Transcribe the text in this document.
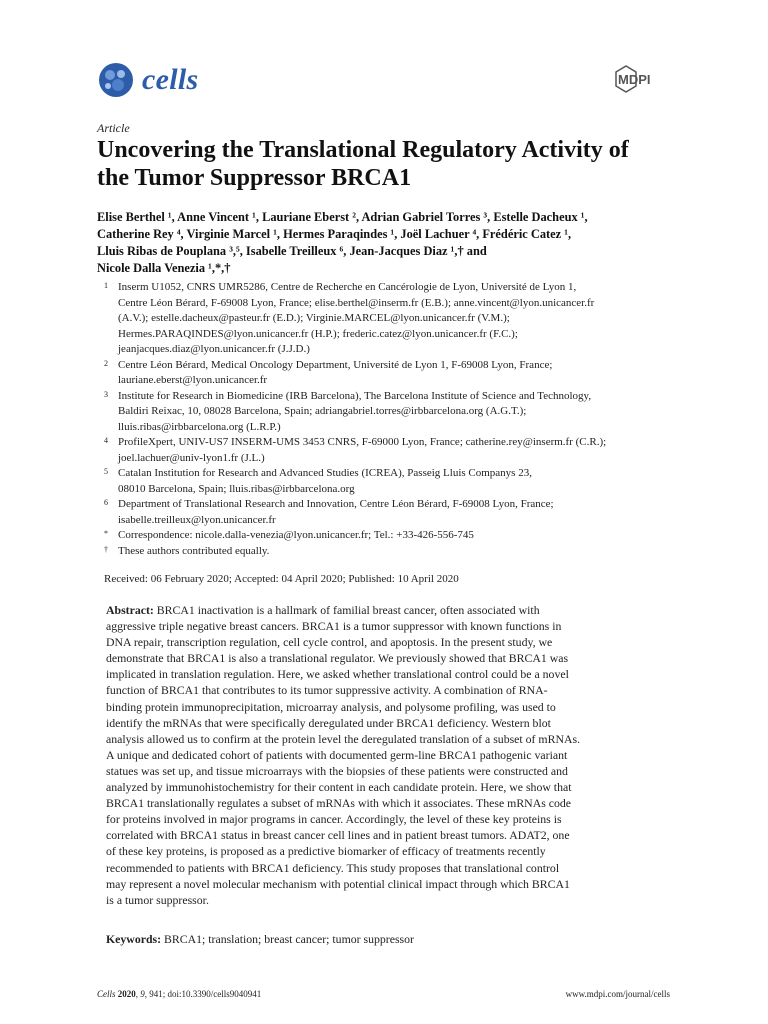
cells	MDPI
Article
Uncovering the Translational Regulatory Activity of
the Tumor Suppressor BRCA1
Elise Berthel ¹, Anne Vincent ¹, Lauriane Eberst ², Adrian Gabriel Torres ³, Estelle Dacheux ¹,
Catherine Rey ⁴, Virginie Marcel ¹, Hermes Paraqindes ¹, Joël Lachuer ⁴, Frédéric Catez ¹,
Lluis Ribas de Pouplana ³,⁵, Isabelle Treilleux ⁶, Jean-Jacques Diaz ¹,† and
Nicole Dalla Venezia ¹,*,†
1 Inserm U1052, CNRS UMR5286, Centre de Recherche en Cancérologie de Lyon, Université de Lyon 1,
Centre Léon Bérard, F-69008 Lyon, France; elise.berthel@inserm.fr (E.B.); anne.vincent@lyon.unicancer.fr
(A.V.); estelle.dacheux@pasteur.fr (E.D.); Virginie.MARCEL@lyon.unicancer.fr (V.M.);
Hermes.PARAQINDES@lyon.unicancer.fr (H.P.); frederic.catez@lyon.unicancer.fr (F.C.);
jeanjacques.diaz@lyon.unicancer.fr (J.J.D.)
2 Centre Léon Bérard, Medical Oncology Department, Université de Lyon 1, F-69008 Lyon, France;
lauriane.eberst@lyon.unicancer.fr
3 Institute for Research in Biomedicine (IRB Barcelona), The Barcelona Institute of Science and Technology,
Baldiri Reixac, 10, 08028 Barcelona, Spain; adriangabriel.torres@irbbarcelona.org (A.G.T.);
lluis.ribas@irbbarcelona.org (L.R.P.)
4 ProfileXpert, UNIV-US7 INSERM-UMS 3453 CNRS, F-69000 Lyon, France; catherine.rey@inserm.fr (C.R.);
joel.lachuer@univ-lyon1.fr (J.L.)
5 Catalan Institution for Research and Advanced Studies (ICREA), Passeig Lluis Companys 23,
08010 Barcelona, Spain; lluis.ribas@irbbarcelona.org
6 Department of Translational Research and Innovation, Centre Léon Bérard, F-69008 Lyon, France;
isabelle.treilleux@lyon.unicancer.fr
* Correspondence: nicole.dalla-venezia@lyon.unicancer.fr; Tel.: +33-426-556-745
† These authors contributed equally.
Received: 06 February 2020; Accepted: 04 April 2020; Published: 10 April 2020
Abstract: BRCA1 inactivation is a hallmark of familial breast cancer, often associated with
aggressive triple negative breast cancers. BRCA1 is a tumor suppressor with known functions in
DNA repair, transcription regulation, cell cycle control, and apoptosis. In the present study, we
demonstrate that BRCA1 is also a translational regulator. We previously showed that BRCA1 was
implicated in translation regulation. Here, we asked whether translational control could be a novel
function of BRCA1 that contributes to its tumor suppressive activity. A combination of RNA-
binding protein immunoprecipitation, microarray analysis, and polysome profiling, was used to
identify the mRNAs that were specifically deregulated under BRCA1 deficiency. Western blot
analysis allowed us to confirm at the protein level the deregulated translation of a subset of mRNAs.
A unique and dedicated cohort of patients with documented germ-line BRCA1 pathogenic variant
statues was set up, and tissue microarrays with the biopsies of these patients were constructed and
analyzed by immunohistochemistry for their content in each candidate protein. Here, we show that
BRCA1 translationally regulates a subset of mRNAs with which it associates. These mRNAs code
for proteins involved in major programs in cancer. Accordingly, the level of these key proteins is
correlated with BRCA1 status in breast cancer cell lines and in patient breast tumors. ADAT2, one
of these key proteins, is proposed as a predictive biomarker of efficacy of treatments recently
recommended to patients with BRCA1 deficiency. This study proposes that translational control
may represent a novel molecular mechanism with potential clinical impact through which BRCA1
is a tumor suppressor.
Keywords: BRCA1; translation; breast cancer; tumor suppressor
Cells 2020, 9, 941; doi:10.3390/cells9040941	www.mdpi.com/journal/cells
